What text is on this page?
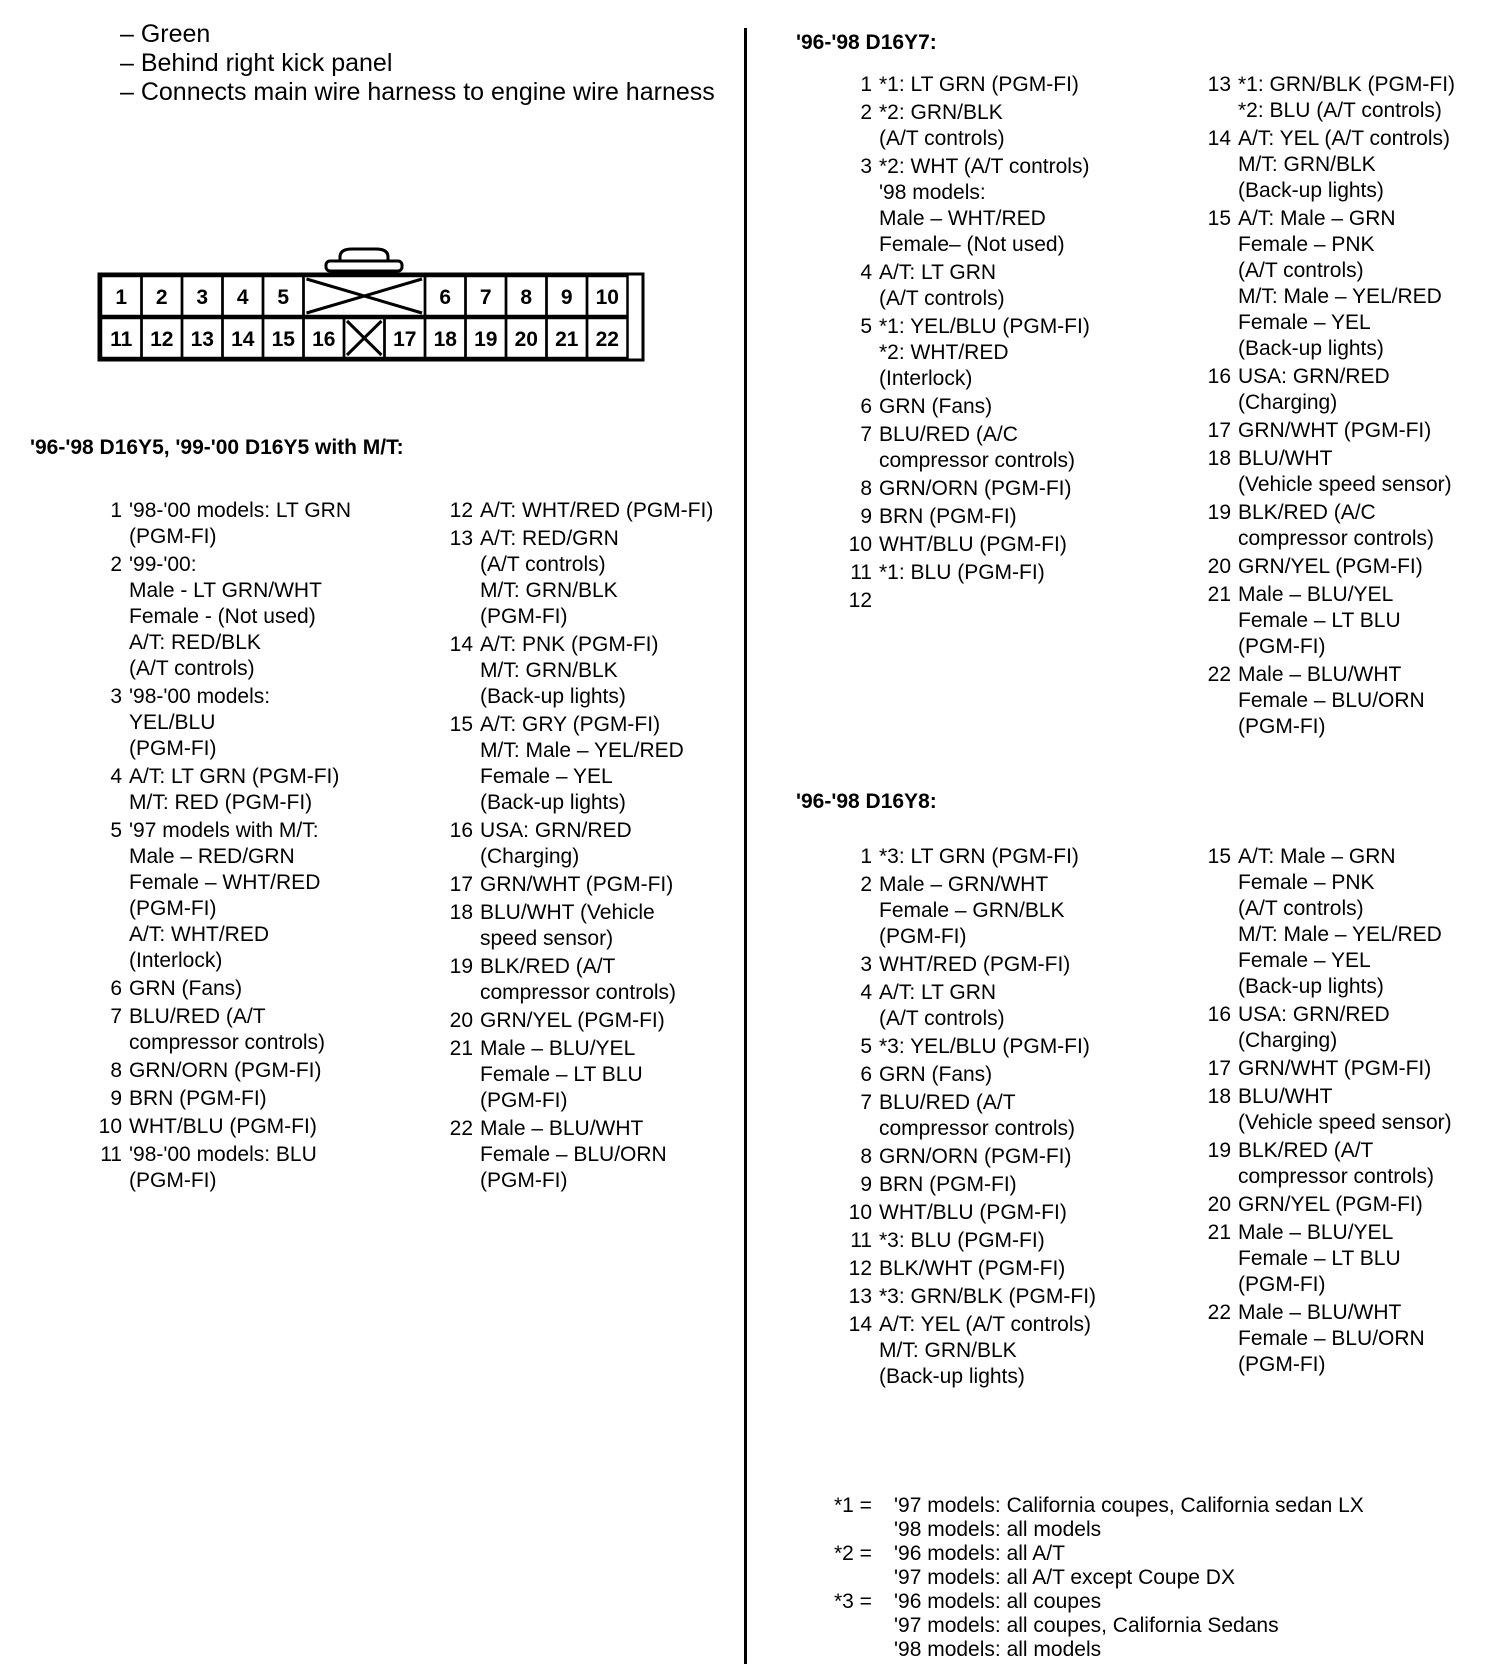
– Green
– Behind right kick panel
– Connects main wire harness to engine wire harness
1 2 3 4 5	6 7 8 9 10
11 12 13 14 15 16	17 18 19 20 21 22
'96-'98 D16Y5, '99-'00 D16Y5 with M/T:
1 '98-'00 models: LT GRN
(PGM-FI)
2 '99-'00:
Male - LT GRN/WHT
Female - (Not used)
A/T: RED/BLK
(A/T controls)
3 '98-'00 models:
YEL/BLU
(PGM-FI)
4 A/T: LT GRN (PGM-FI)
M/T: RED (PGM-FI)
5 '97 models with M/T:
Male – RED/GRN
Female – WHT/RED
(PGM-FI)
A/T: WHT/RED
(Interlock)
6 GRN (Fans)
7 BLU/RED (A/T
compressor controls)
8 GRN/ORN (PGM-FI)
9 BRN (PGM-FI)
10 WHT/BLU (PGM-FI)
11 '98-'00 models: BLU
(PGM-FI)
12 A/T: WHT/RED (PGM-FI)
13 A/T: RED/GRN
(A/T controls)
M/T: GRN/BLK
(PGM-FI)
14 A/T: PNK (PGM-FI)
M/T: GRN/BLK
(Back-up lights)
15 A/T: GRY (PGM-FI)
M/T: Male – YEL/RED
Female – YEL
(Back-up lights)
16 USA: GRN/RED
(Charging)
17 GRN/WHT (PGM-FI)
18 BLU/WHT (Vehicle
speed sensor)
19 BLK/RED (A/T
compressor controls)
20 GRN/YEL (PGM-FI)
21 Male – BLU/YEL
Female – LT BLU
(PGM-FI)
22 Male – BLU/WHT
Female – BLU/ORN
(PGM-FI)
'96-'98 D16Y7:
1 *1: LT GRN (PGM-FI)
2 *2: GRN/BLK
(A/T controls)
3 *2: WHT (A/T controls)
'98 models:
Male – WHT/RED
Female– (Not used)
4 A/T: LT GRN
(A/T controls)
5 *1: YEL/BLU (PGM-FI)
*2: WHT/RED
(Interlock)
6 GRN (Fans)
7 BLU/RED (A/C
compressor controls)
8 GRN/ORN (PGM-FI)
9 BRN (PGM-FI)
10 WHT/BLU (PGM-FI)
11 *1: BLU (PGM-FI)
12

13 *1: GRN/BLK (PGM-FI)
*2: BLU (A/T controls)
14 A/T: YEL (A/T controls)
M/T: GRN/BLK
(Back-up lights)
15 A/T: Male – GRN
Female – PNK
(A/T controls)
M/T: Male – YEL/RED
Female – YEL
(Back-up lights)
16 USA: GRN/RED
(Charging)
17 GRN/WHT (PGM-FI)
18 BLU/WHT
(Vehicle speed sensor)
19 BLK/RED (A/C
compressor controls)
20 GRN/YEL (PGM-FI)
21 Male – BLU/YEL
Female – LT BLU
(PGM-FI)
22 Male – BLU/WHT
Female – BLU/ORN
(PGM-FI)
'96-'98 D16Y8:
1 *3: LT GRN (PGM-FI)
2 Male – GRN/WHT
Female – GRN/BLK
(PGM-FI)
3 WHT/RED (PGM-FI)
4 A/T: LT GRN
(A/T controls)
5 *3: YEL/BLU (PGM-FI)
6 GRN (Fans)
7 BLU/RED (A/T
compressor controls)
8 GRN/ORN (PGM-FI)
9 BRN (PGM-FI)
10 WHT/BLU (PGM-FI)
11 *3: BLU (PGM-FI)
12 BLK/WHT (PGM-FI)
13 *3: GRN/BLK (PGM-FI)
14 A/T: YEL (A/T controls)
M/T: GRN/BLK
(Back-up lights)
15 A/T: Male – GRN
Female – PNK
(A/T controls)
M/T: Male – YEL/RED
Female – YEL
(Back-up lights)
16 USA: GRN/RED
(Charging)
17 GRN/WHT (PGM-FI)
18 BLU/WHT
(Vehicle speed sensor)
19 BLK/RED (A/T
compressor controls)
20 GRN/YEL (PGM-FI)
21 Male – BLU/YEL
Female – LT BLU
(PGM-FI)
22 Male – BLU/WHT
Female – BLU/ORN
(PGM-FI)
*1 =	'97 models: California coupes, California sedan LX
'98 models: all models
*2 =	'96 models: all A/T
'97 models: all A/T except Coupe DX
*3 =	'96 models: all coupes
'97 models: all coupes, California Sedans
'98 models: all models
